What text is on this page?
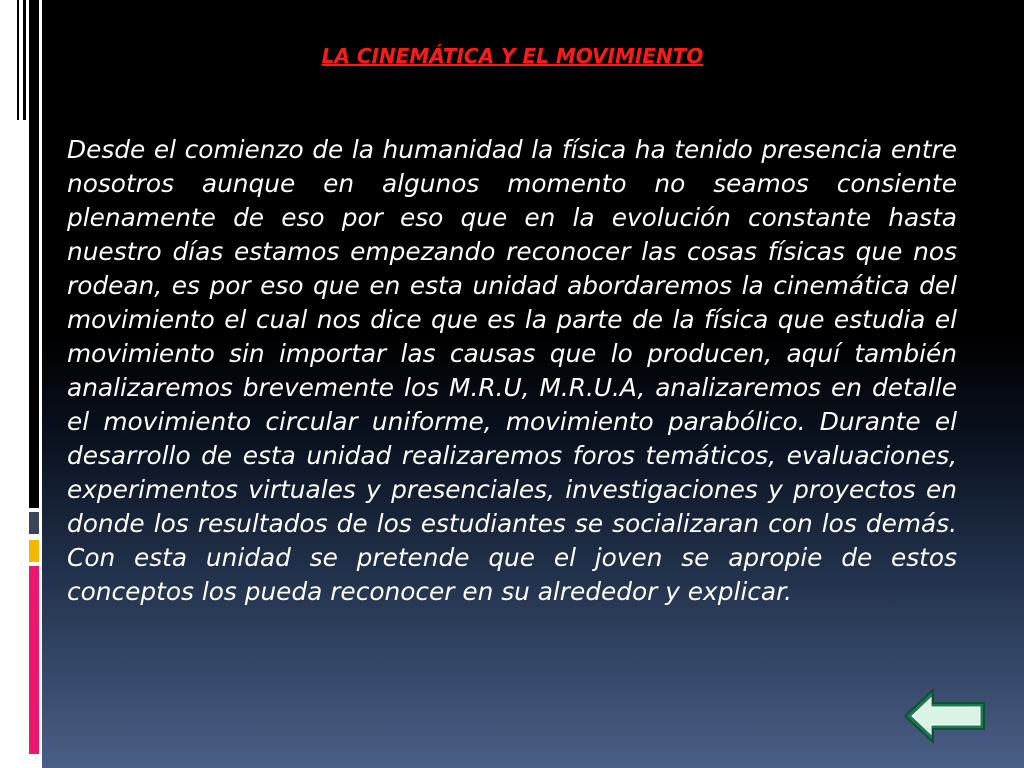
LA CINEMÁTICA Y EL MOVIMIENTO

Desde el comienzo de la humanidad la física ha tenido presencia entre nosotros aunque en algunos momento no seamos consiente plenamente de eso por eso que en la evolución constante hasta nuestro días estamos empezando reconocer las cosas físicas que nos rodean, es por eso que en esta unidad abordaremos la cinemática del movimiento el cual nos dice que es la parte de la física que estudia el movimiento sin importar las causas que lo producen, aquí también analizaremos brevemente los M.R.U, M.R.U.A, analizaremos en detalle el movimiento circular uniforme, movimiento parabólico. Durante el desarrollo de esta unidad realizaremos foros temáticos, evaluaciones, experimentos virtuales y presenciales, investigaciones y proyectos en donde los resultados de los estudiantes se socializaran con los demás. Con esta unidad se pretende que el joven se apropie de estos conceptos los pueda reconocer en su alrededor y explicar.
